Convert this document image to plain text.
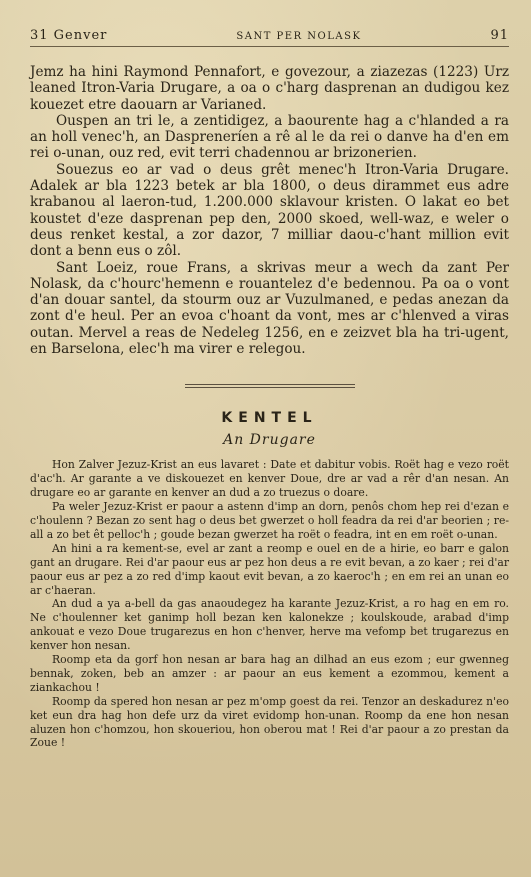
31 Genver	SANT PER NOLASK	91

Jemz ha hini Raymond Pennafort, e govezour, a ziazezas (1223) Urz leaned Itron-Varia Drugare, a oa o c'harg dasprenan an dudigou kez kouezet etre daouarn ar Varianed.

Ouspen an tri le, a zentidigez, a baourente hag a c'hlanded a ra an holl venec'h, an Daspreneríen a rê al le da rei o danve ha d'en em rei o-unan, ouz red, evit terri chadennou ar brizonerien.

Souezus eo ar vad o deus grêt menec'h Itron-Varia Drugare. Adalek ar bla 1223 betek ar bla 1800, o deus dirammet eus adre krabanou al laeron-tud, 1.200.000 sklavour kristen. O lakat eo bet koustet d'eze dasprenan pep den, 2000 skoed, well-waz, e weler o deus renket kestal, a zor dazor, 7 milliar daou-c'hant million evit dont a benn eus o zôl.

Sant Loeiz, roue Frans, a skrivas meur a wech da zant Per Nolask, da c'hourc'hemenn e rouantelez d'e bedennou. Pa oa o vont d'an douar santel, da stourm ouz ar Vuzulmaned, e pedas anezan da zont d'e heul. Per an evoa c'hoant da vont, mes ar c'hlenved a viras outan. Mervel a reas de Nedeleg 1256, en e zeizvet bla ha tri-ugent, en Barselona, elec'h ma virer e relegou.

KENTEL
An Drugare

Hon Zalver Jezuz-Krist an eus lavaret : Date et dabitur vobis. Roët hag e vezo roët d'ac'h. Ar garante a ve diskouezet en kenver Doue, dre ar vad a rêr d'an nesan. An drugare eo ar garante en kenver an dud a zo truezus o doare.

Pa weler Jezuz-Krist er paour a astenn d'imp an dorn, penôs chom hep rei d'ezan e c'houlenn ? Bezan zo sent hag o deus bet gwerzet o holl feadra da rei d'ar beorien ; re-all a zo bet êt pelloc'h ; goude bezan gwerzet ha roët o feadra, int en em roët o-unan.

An hini a ra kement-se, evel ar zant a reomp e ouel en de a hirie, eo barr e galon gant an drugare. Rei d'ar paour eus ar pez hon deus a re evit bevan, a zo kaer ; rei d'ar paour eus ar pez a zo red d'imp kaout evit bevan, a zo kaeroc'h ; en em rei an unan eo ar c'haeran.

An dud a ya a-bell da gas anaoudegez ha karante Jezuz-Krist, a ro hag en em ro. Ne c'houlenner ket ganimp holl bezan ken kalonekze ; koulskoude, arabad d'imp ankouat e vezo Doue trugarezus en hon c'henver, herve ma vefomp bet trugarezus en kenver hon nesan.

Roomp eta da gorf hon nesan ar bara hag an dilhad an eus ezom ; eur gwenneg bennak, zoken, beb an amzer : ar paour an eus kement a ezommou, kement a ziankachou !

Roomp da spered hon nesan ar pez m'omp goest da rei. Tenzor an deskadurez n'eo ket eun dra hag hon defe urz da viret evidomp hon-unan. Roomp da ene hon nesan aluzen hon c'homzou, hon skoueriou, hon oberou mat ! Rei d'ar paour a zo prestan da Zoue !
